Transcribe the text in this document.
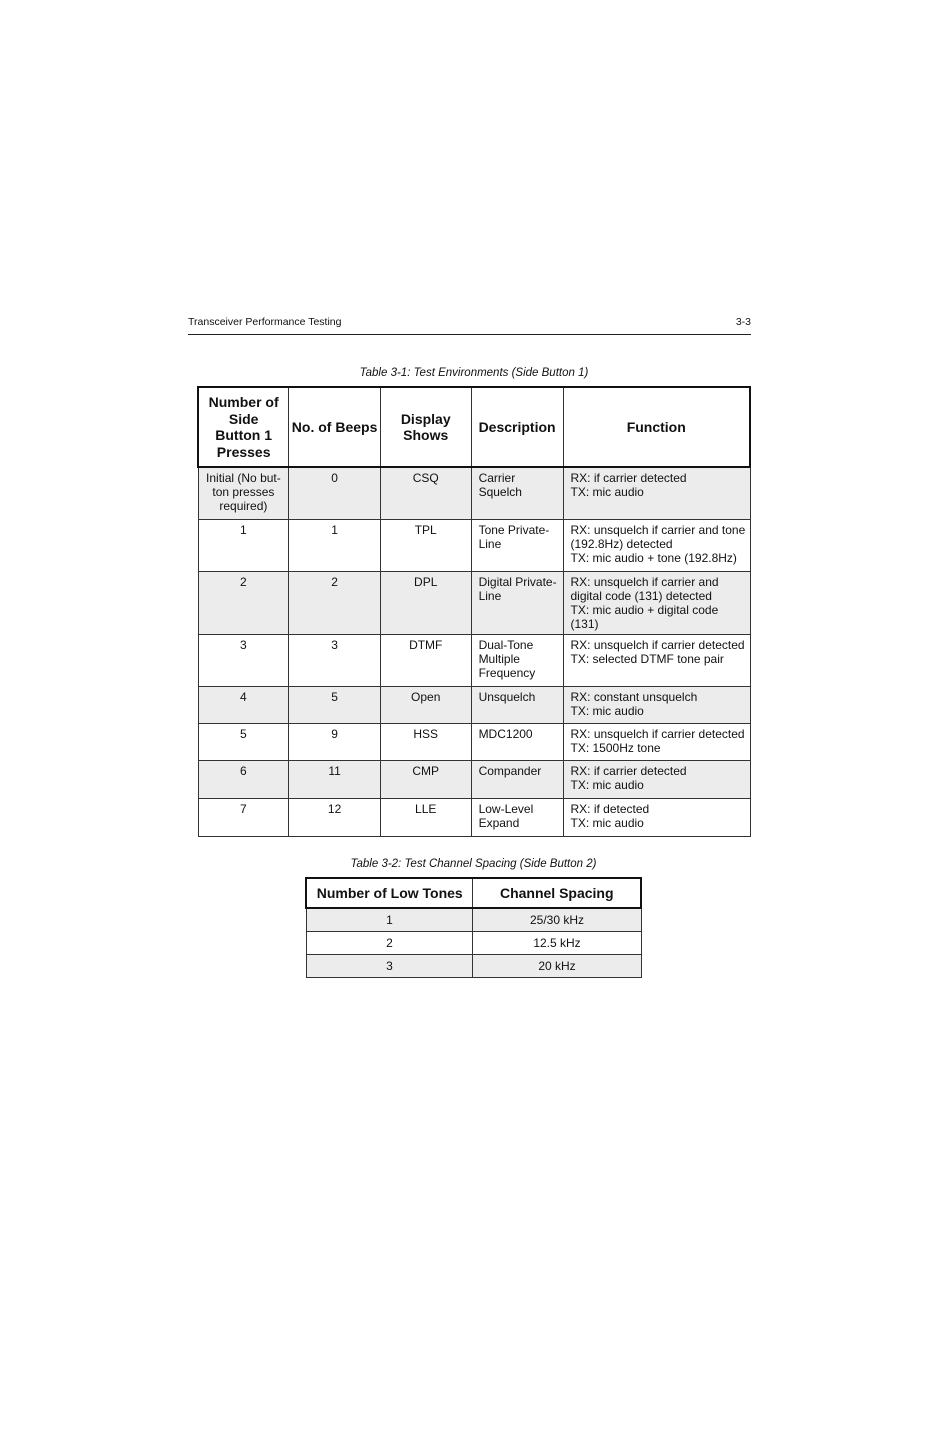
Transceiver Performance Testing	3-3
Table 3-1: Test Environments (Side Button 1)
Number of Side Button 1 Presses	No. of Beeps	Display Shows	Description	Function
Initial (No but-ton presses required)	0	CSQ	Carrier Squelch	RX: if carrier detected
TX: mic audio
1	1	TPL	Tone Private-Line	RX: unsquelch if carrier and tone (192.8Hz) detected
TX: mic audio + tone (192.8Hz)
2	2	DPL	Digital Private-Line	RX: unsquelch if carrier and digital code (131) detected
TX: mic audio + digital code (131)
3	3	DTMF	Dual-Tone Multiple Frequency	RX: unsquelch if carrier detected
TX: selected DTMF tone pair
4	5	Open	Unsquelch	RX: constant unsquelch
TX: mic audio
5	9	HSS	MDC1200	RX: unsquelch if carrier detected
TX: 1500Hz tone
6	11	CMP	Compander	RX: if carrier detected
TX: mic audio
7	12	LLE	Low-Level Expand	RX: if detected
TX: mic audio
Table 3-2: Test Channel Spacing (Side Button 2)
Number of Low Tones	Channel Spacing
1	25/30 kHz
2	12.5 kHz
3	20 kHz
